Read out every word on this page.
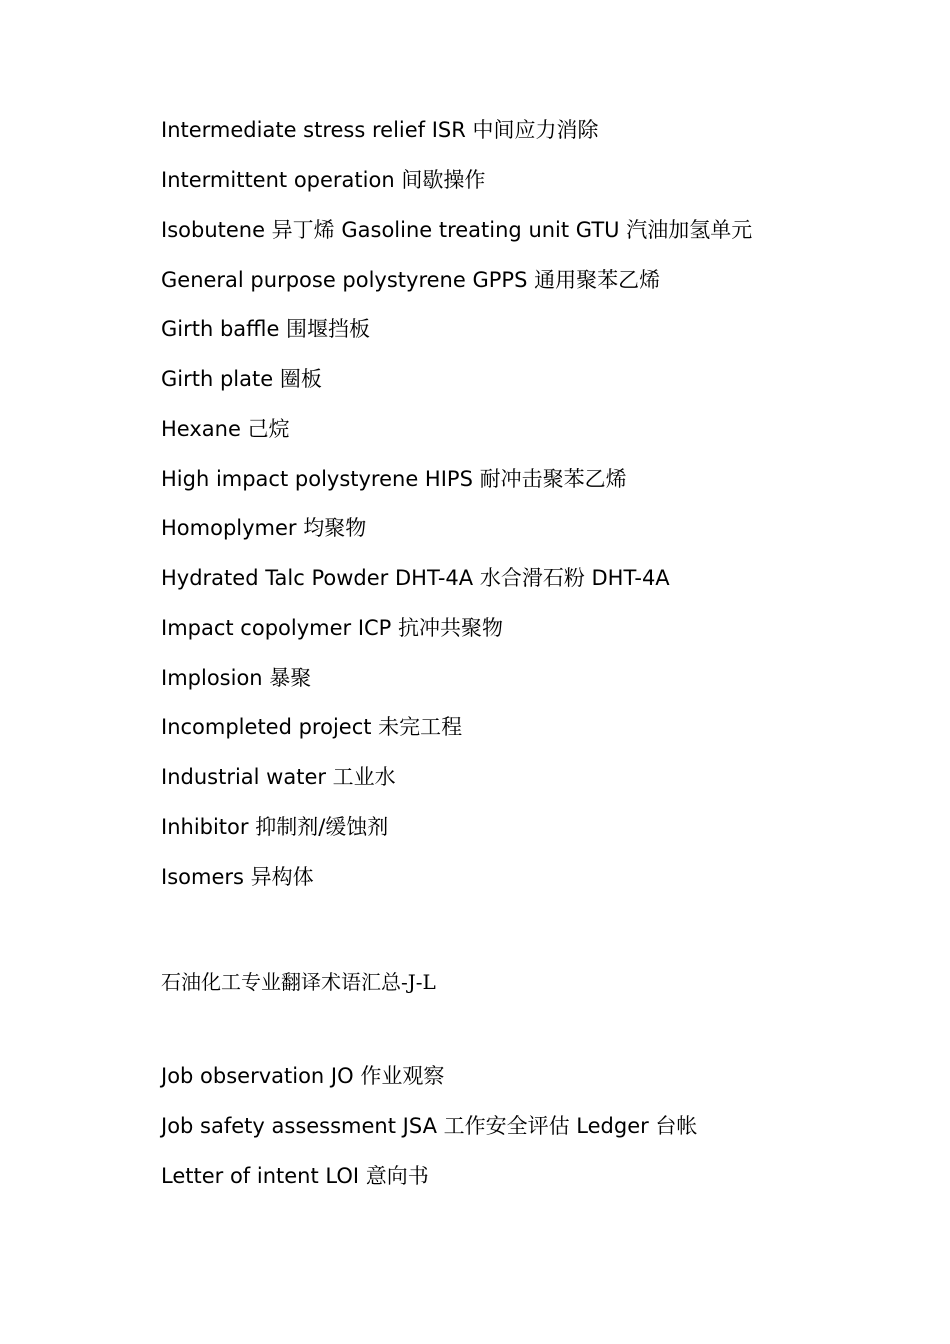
Intermediate stress relief ISR 中间应力消除
Intermittent operation 间歇操作
Isobutene 异丁烯 Gasoline treating unit GTU 汽油加氢单元
General purpose polystyrene GPPS 通用聚苯乙烯
Girth baffle 围堰挡板
Girth plate 圈板
Hexane 己烷
High impact polystyrene HIPS 耐冲击聚苯乙烯
Homoplymer 均聚物
Hydrated Talc Powder DHT-4A 水合滑石粉 DHT-4A
Impact copolymer ICP 抗冲共聚物
Implosion 暴聚
Incompleted project 未完工程
Industrial water 工业水
Inhibitor 抑制剂/缓蚀剂
Isomers 异构体
石油化工专业翻译术语汇总-J-L
Job observation JO 作业观察
Job safety assessment JSA 工作安全评估 Ledger 台帐
Letter of intent LOI 意向书
